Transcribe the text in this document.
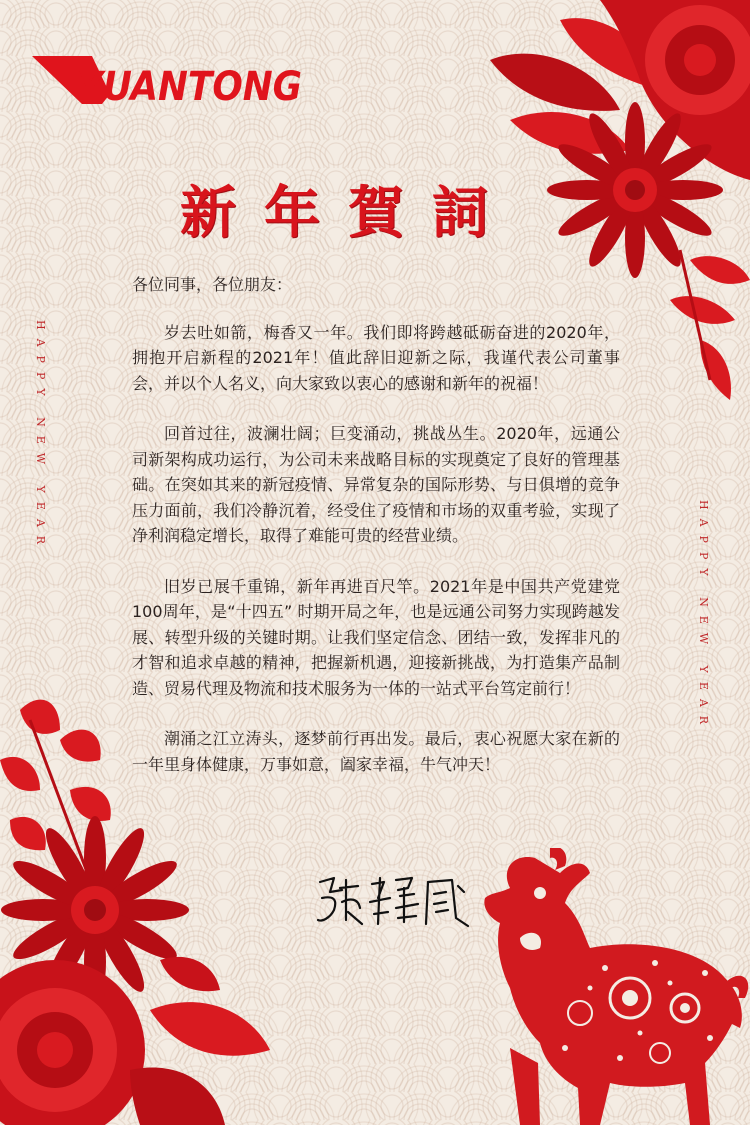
YUANTONG
新年賀詞
HAPPY NEW YEAR
HAPPY NEW YEAR

各位同事，各位朋友：

岁去吐如箭，梅香又一年。我们即将跨越砥砺奋进的2020年，拥抱开启新程的2021年！值此辞旧迎新之际，我谨代表公司董事会，并以个人名义，向大家致以衷心的感谢和新年的祝福！

回首过往，波澜壮阔；巨变涌动，挑战丛生。2020年，远通公司新架构成功运行，为公司未来战略目标的实现奠定了良好的管理基础。在突如其来的新冠疫情、异常复杂的国际形势、与日俱增的竞争压力面前，我们冷静沉着，经受住了疫情和市场的双重考验，实现了净利润稳定增长，取得了难能可贵的经营业绩。

旧岁已展千重锦，新年再进百尺竿。2021年是中国共产党建党100周年，是“十四五” 时期开局之年，也是远通公司努力实现跨越发展、转型升级的关键时期。让我们坚定信念、团结一致，发挥非凡的才智和追求卓越的精神，把握新机遇，迎接新挑战，为打造集产品制造、贸易代理及物流和技术服务为一体的一站式平台笃定前行！

潮涌之江立涛头，逐梦前行再出发。最后，衷心祝愿大家在新的一年里身体健康，万事如意，阖家幸福，牛气冲天！
